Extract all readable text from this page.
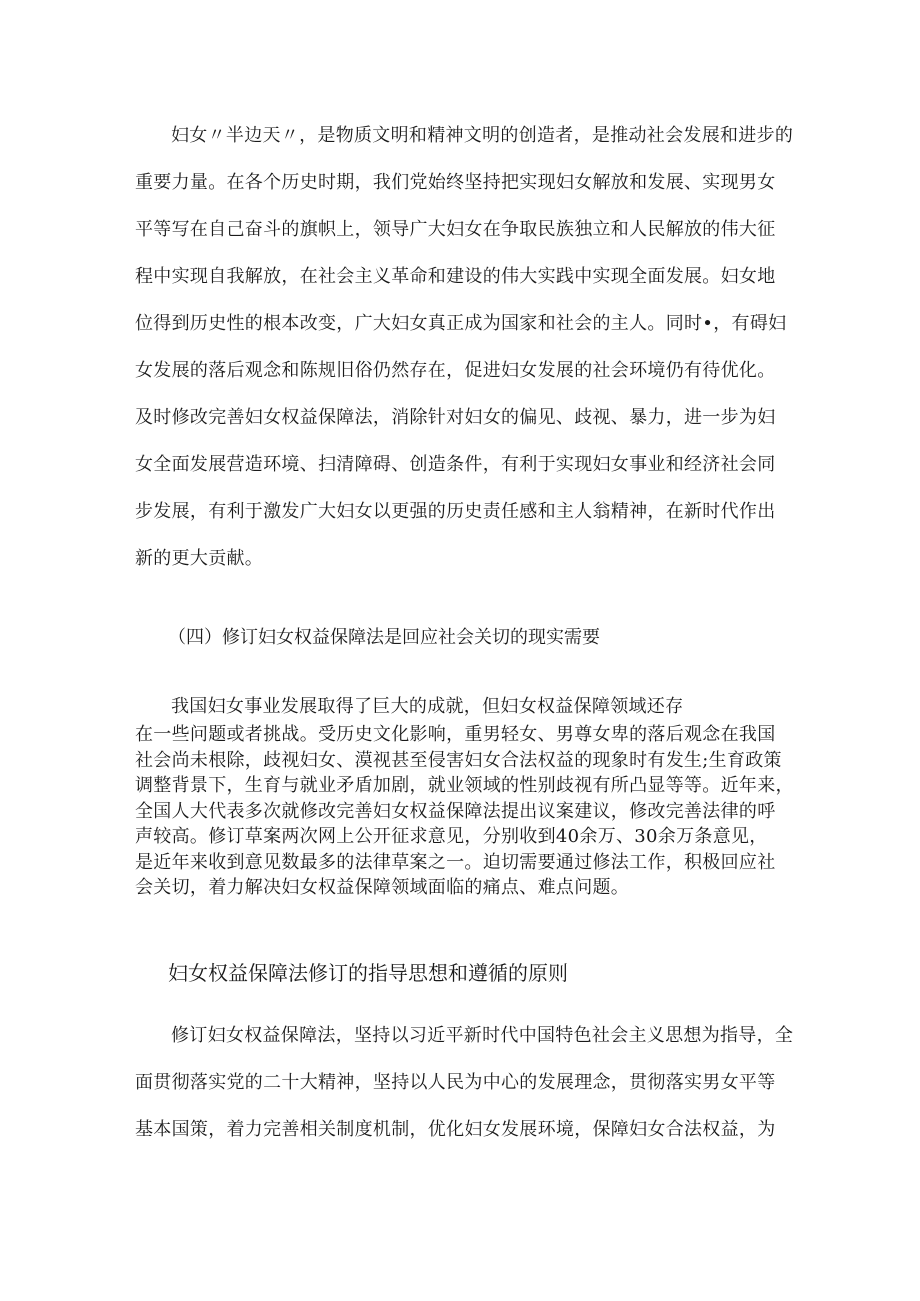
妇女〃半边天〃，是物质文明和精神文明的创造者，是推动社会发展和进步的
重要力量。在各个历史时期，我们党始终坚持把实现妇女解放和发展、实现男女
平等写在自己奋斗的旗帜上，领导广大妇女在争取民族独立和人民解放的伟大征
程中实现自我解放，在社会主义革命和建设的伟大实践中实现全面发展。妇女地
位得到历史性的根本改变，广大妇女真正成为国家和社会的主人。同时•，有碍妇
女发展的落后观念和陈规旧俗仍然存在，促进妇女发展的社会环境仍有待优化。
及时修改完善妇女权益保障法，消除针对妇女的偏见、歧视、暴力，进一步为妇
女全面发展营造环境、扫清障碍、创造条件，有利于实现妇女事业和经济社会同
步发展，有利于激发广大妇女以更强的历史责任感和主人翁精神，在新时代作出
新的更大贡献。
（四）修订妇女权益保障法是回应社会关切的现实需要
我国妇女事业发展取得了巨大的成就，但妇女权益保障领域还存
在一些问题或者挑战。受历史文化影响，重男轻女、男尊女卑的落后观念在我国
社会尚未根除，歧视妇女、漠视甚至侵害妇女合法权益的现象时有发生;生育政策
调整背景下，生育与就业矛盾加剧，就业领域的性别歧视有所凸显等等。近年来，
全国人大代表多次就修改完善妇女权益保障法提出议案建议，修改完善法律的呼
声较高。修订草案两次网上公开征求意见，分别收到40余万、30余万条意见，
是近年来收到意见数最多的法律草案之一。迫切需要通过修法工作，积极回应社
会关切，着力解决妇女权益保障领域面临的痛点、难点问题。
妇女权益保障法修订的指导思想和遵循的原则
修订妇女权益保障法，坚持以习近平新时代中国特色社会主义思想为指导，全
面贯彻落实党的二十大精神，坚持以人民为中心的发展理念，贯彻落实男女平等
基本国策，着力完善相关制度机制，优化妇女发展环境，保障妇女合法权益，为
